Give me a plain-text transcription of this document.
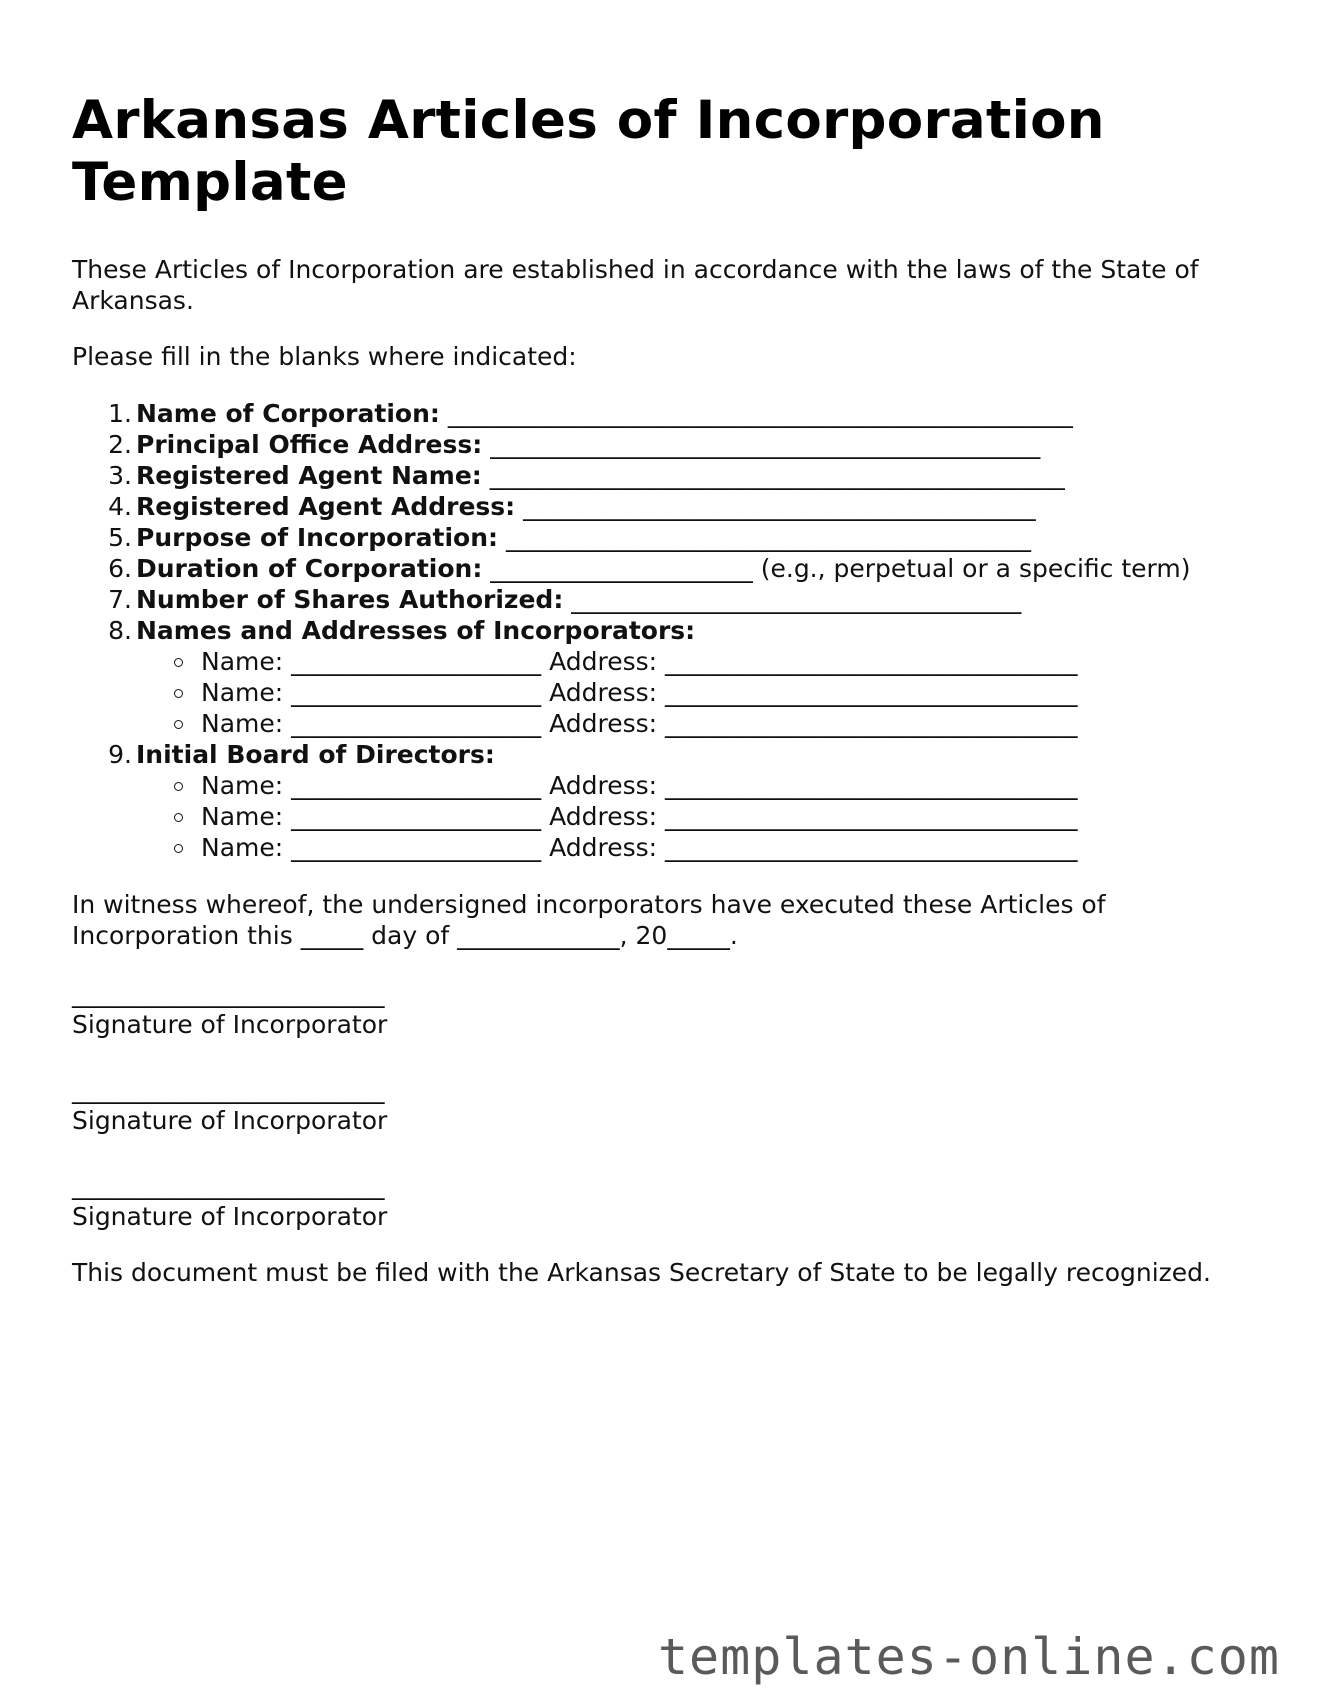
Arkansas Articles of Incorporation Template

These Articles of Incorporation are established in accordance with the laws of the State of Arkansas.

Please fill in the blanks where indicated:

1 . Name of Corporation: __________________________________________________
2 . Principal Office Address: ____________________________________________
3 . Registered Agent Name: ______________________________________________
4 . Registered Agent Address: _________________________________________
5 . Purpose of Incorporation: __________________________________________
6 . Duration of Corporation: _____________________ (e.g., perpetual or a specific term)
7 . Number of Shares Authorized: ____________________________________
8 . Names and Addresses of Incorporators:
Name: ____________________ Address: _________________________________
Name: ____________________ Address: _________________________________
Name: ____________________ Address: _________________________________
9 . Initial Board of Directors:
Name: ____________________ Address: _________________________________
Name: ____________________ Address: _________________________________
Name: ____________________ Address: _________________________________

In witness whereof, the undersigned incorporators have executed these Articles of Incorporation this _____ day of _____________, 20_____.

_________________________
Signature of Incorporator
_________________________
Signature of Incorporator
_________________________
Signature of Incorporator

This document must be filed with the Arkansas Secretary of State to be legally recognized.

templates-online.com
